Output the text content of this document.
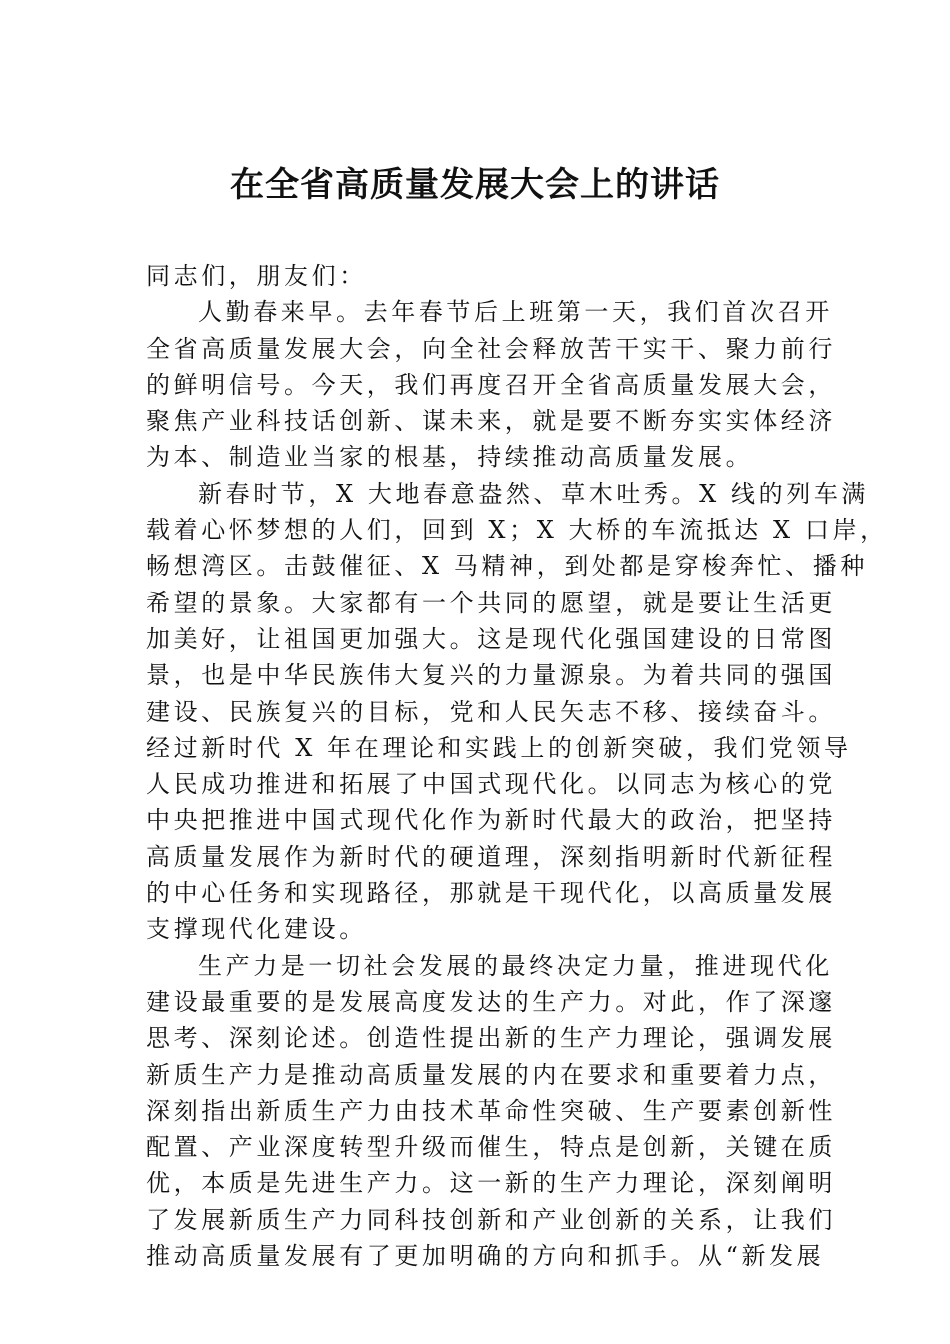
在全省高质量发展大会上的讲话
同志们，朋友们：
人勤春来早。去年春节后上班第一天，我们首次召开
全省高质量发展大会，向全社会释放苦干实干、聚力前行
的鲜明信号。今天，我们再度召开全省高质量发展大会，
聚焦产业科技话创新、谋未来，就是要不断夯实实体经济
为本、制造业当家的根基，持续推动高质量发展。
新春时节，X 大地春意盎然、草木吐秀。X 线的列车满
载着心怀梦想的人们，回到 X；X 大桥的车流抵达 X 口岸，
畅想湾区。击鼓催征、X 马精神，到处都是穿梭奔忙、播种
希望的景象。大家都有一个共同的愿望，就是要让生活更
加美好，让祖国更加强大。这是现代化强国建设的日常图
景，也是中华民族伟大复兴的力量源泉。为着共同的强国
建设、民族复兴的目标，党和人民矢志不移、接续奋斗。
经过新时代 X 年在理论和实践上的创新突破，我们党领导
人民成功推进和拓展了中国式现代化。以同志为核心的党
中央把推进中国式现代化作为新时代最大的政治，把坚持
高质量发展作为新时代的硬道理，深刻指明新时代新征程
的中心任务和实现路径，那就是干现代化，以高质量发展
支撑现代化建设。
生产力是一切社会发展的最终决定力量，推进现代化
建设最重要的是发展高度发达的生产力。对此，作了深邃
思考、深刻论述。创造性提出新的生产力理论，强调发展
新质生产力是推动高质量发展的内在要求和重要着力点，
深刻指出新质生产力由技术革命性突破、生产要素创新性
配置、产业深度转型升级而催生，特点是创新，关键在质
优，本质是先进生产力。这一新的生产力理论，深刻阐明
了发展新质生产力同科技创新和产业创新的关系，让我们
推动高质量发展有了更加明确的方向和抓手。从“新发展
